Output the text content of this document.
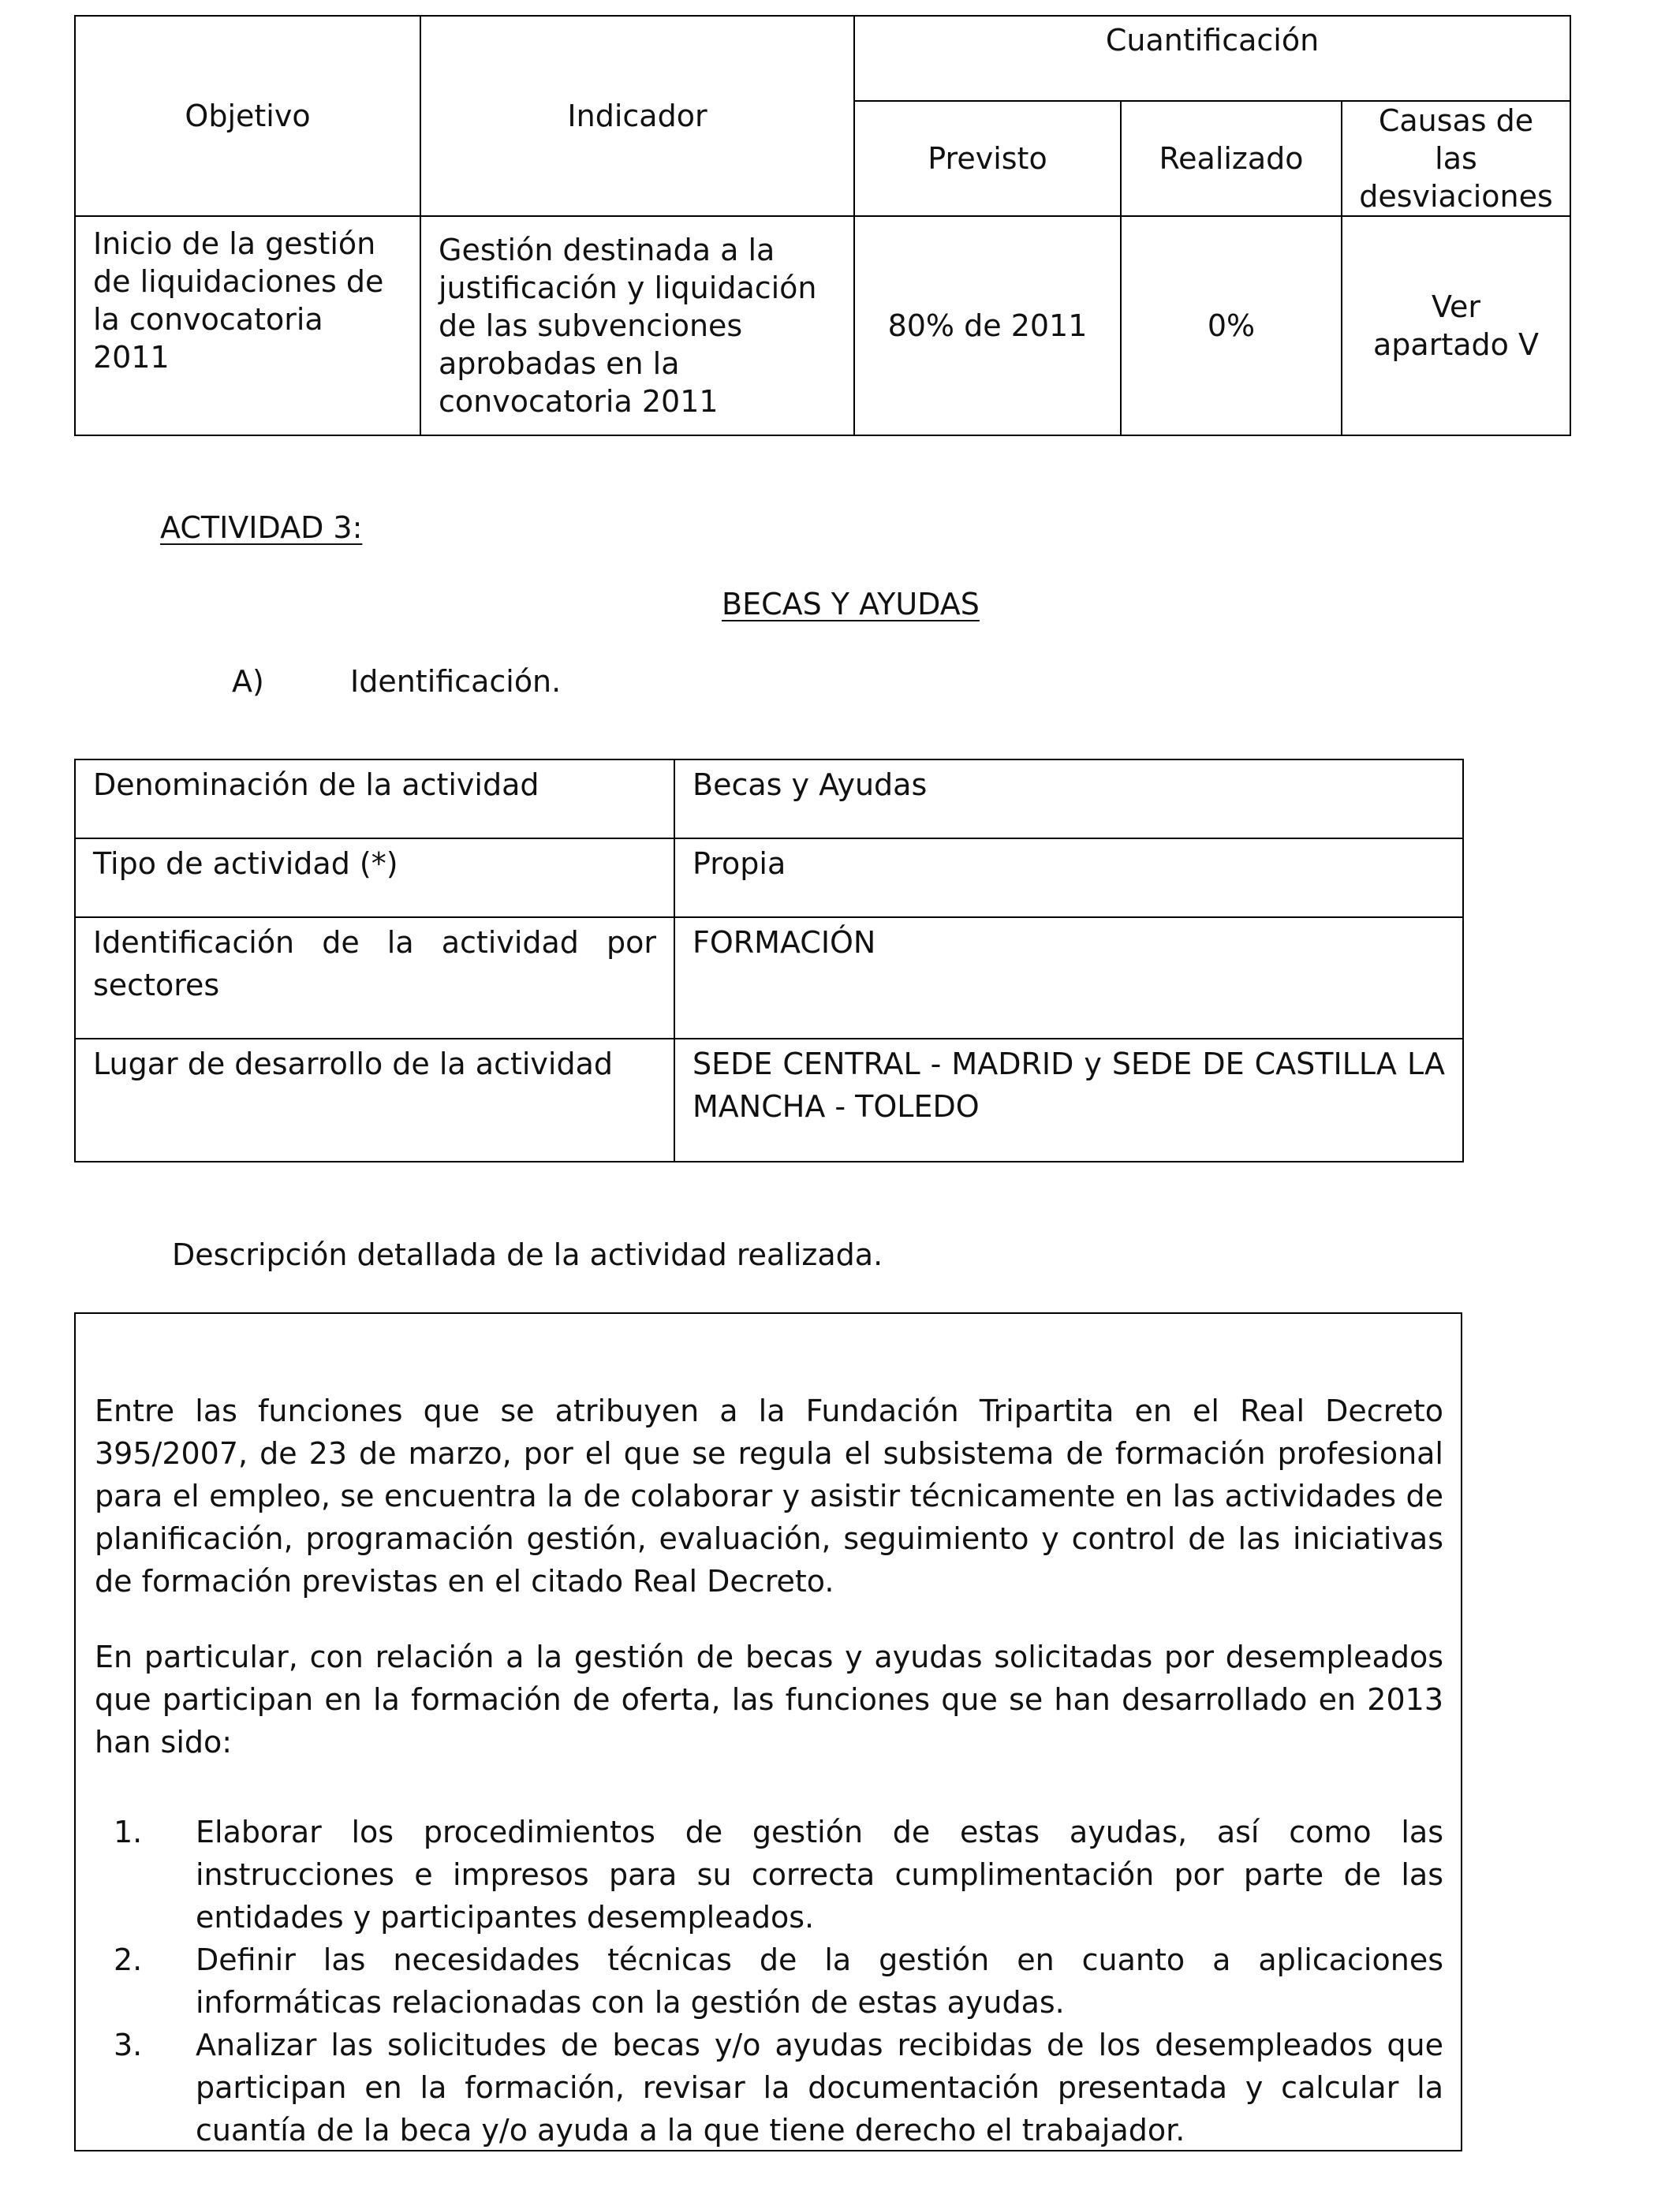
Objetivo	Indicador	Cuantificación		
		Previsto	Realizado	Causas de las desviaciones
Inicio de la gestión de liquidaciones de la convocatoria 2011	Gestión destinada a la justificación y liquidación de las subvenciones aprobadas en la convocatoria 2011	80% de 2011	0%	Ver apartado V
ACTIVIDAD 3:
BECAS Y AYUDAS
A)	Identificación.
Denominación de la actividad	Becas y Ayudas
Tipo de actividad (*)	Propia
Identificación de la actividad por sectores	FORMACIÓN
Lugar de desarrollo de la actividad	SEDE CENTRAL - MADRID y SEDE DE CASTILLA LA MANCHA - TOLEDO
Descripción detallada de la actividad realizada.
Entre las funciones que se atribuyen a la Fundación Tripartita en el Real Decreto 395/2007, de 23 de marzo, por el que se regula el subsistema de formación profesional para el empleo, se encuentra la de colaborar y asistir técnicamente en las actividades de planificación, programación gestión, evaluación, seguimiento y control de las iniciativas de formación previstas en el citado Real Decreto.
En particular, con relación a la gestión de becas y ayudas solicitadas por desempleados que participan en la formación de oferta, las funciones que se han desarrollado en 2013 han sido:
1.	Elaborar los procedimientos de gestión de estas ayudas, así como las instrucciones e impresos para su correcta cumplimentación por parte de las entidades y participantes desempleados.
2.	Definir las necesidades técnicas de la gestión en cuanto a aplicaciones informáticas relacionadas con la gestión de estas ayudas.
3.	Analizar las solicitudes de becas y/o ayudas recibidas de los desempleados que participan en la formación, revisar la documentación presentada y calcular la cuantía de la beca y/o ayuda a la que tiene derecho el trabajador.
